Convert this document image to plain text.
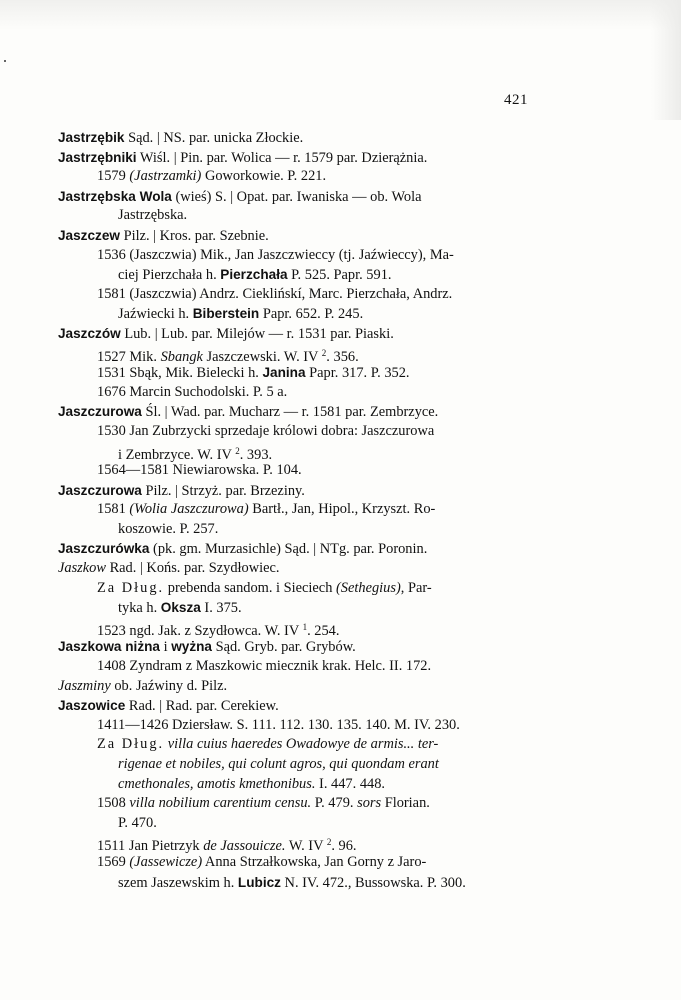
421
Jastrzębik Sąd. | NS. par. unicka Złockie.
Jastrzębniki Wiśl. | Pin. par. Wolica — r. 1579 par. Dzierążnia.
1579 (Jastrzamki) Goworkowie. P. 221.
Jastrzębska Wola (wieś) S. | Opat. par. Iwaniska — ob. Wola
Jastrzębska.
Jaszczew Pilz. | Kros. par. Szebnie.
1536 (Jaszczwia) Mik., Jan Jaszczwieccy (tj. Jaźwieccy), Ma-
ciej Pierzchała h. Pierzchała P. 525. Papr. 591.
1581 (Jaszczwia) Andrz. Cieklińskí, Marc. Pierzchała, Andrz.
Jaźwiecki h. Biberstein Papr. 652. P. 245.
Jaszczów Lub. | Lub. par. Milejów — r. 1531 par. Piaski.
1527 Mik. Sbangk Jaszczewski. W. IV $^2$. 356.
1531 Sbąk, Mik. Bielecki h. Janina Papr. 317. P. 352.
1676 Marcin Suchodolski. P. 5 a.
Jaszczurowa Śl. | Wad. par. Mucharz — r. 1581 par. Zembrzyce.
1530 Jan Zubrzycki sprzedaje królowi dobra: Jaszczurowa
i Zembrzyce. W. IV $^2$. 393.
1564—1581 Niewiarowska. P. 104.
Jaszczurowa Pilz. | Strzyż. par. Brzeziny.
1581 (Wolia Jaszczurowa) Bartł., Jan, Hipol., Krzyszt. Ro-
koszowie. P. 257.
Jaszczurówka (pk. gm. Murzasichle) Sąd. | NTg. par. Poronin.
Jaszkow Rad. | Końs. par. Szydłowiec.
Za Dług. prebenda sandom. i Sieciech (Sethegius), Par-
tyka h. Oksza I. 375.
1523 ngd. Jak. z Szydłowca. W. IV $^1$. 254.
Jaszkowa niżna i wyżna Sąd. Gryb. par. Grybów.
1408 Zyndram z Maszkowic miecznik krak. Helc. II. 172.
Jaszminy ob. Jaźwiny d. Pilz.
Jaszowice Rad. | Rad. par. Cerekiew.
1411—1426 Dziersław. S. 111. 112. 130. 135. 140. M. IV. 230.
Za Dług. villa cuius haeredes Owadowye de armis... ter-
rigenae et nobiles, qui colunt agros, qui quondam erant
cmethonales, amotis kmethonibus. I. 447. 448.
1508 villa nobilium carentium censu. P. 479. sors Florian.
P. 470.
1511 Jan Pietrzyk de Jassouicze. W. IV $^2$. 96.
1569 (Jassewicze) Anna Strzałkowska, Jan Gorny z Jaro-
szem Jaszewskim h. Lubicz N. IV. 472., Bussowska. P. 300.
